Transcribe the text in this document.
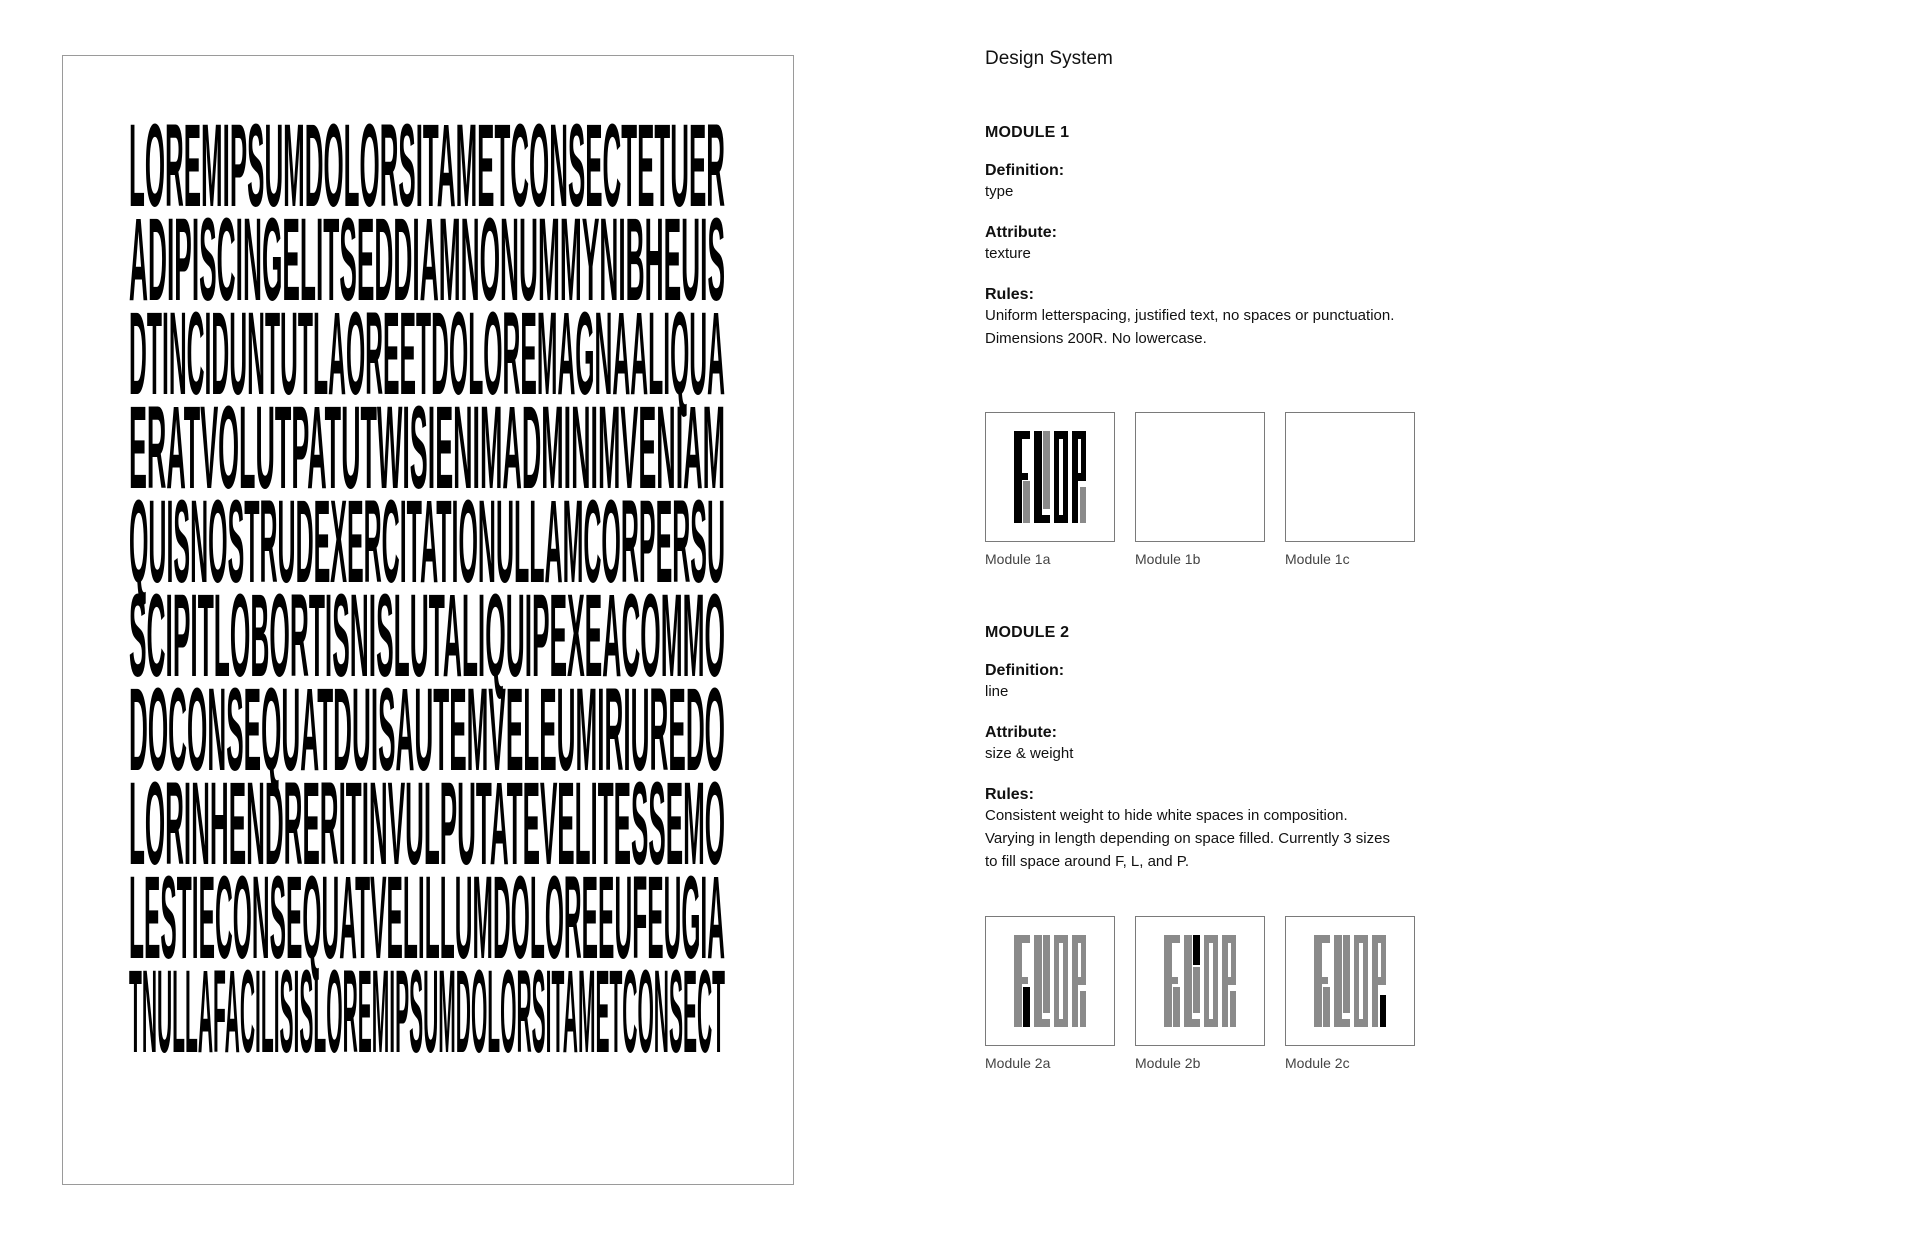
LOREMIPSUMDOLORSITAMETCONSECTETUER
ADIPISCINGELITSEDDIAMNONUMMYNIBHEUIS
DTINCIDUNTUTLAOREETDOLOREMAGNAALIQUA
ERATVOLUTPATUTWISIENIMADMINIMVENIAM
QUISNOSTRUDEXERCITATIONULLAMCORPERSU
SCIPITLOBORTISNISLUTALIQUIPEXEACOMMO
DOCONSEQUATDUISAUTEMVELEUMIRIUREDO
LORINHENDRERITINVULPUTATEVELITESSEMO
LESTIECONSEQUATVELILLUMDOLOREEUFEUGIA
TNULLAFACILISISLOREMIPSUMDOLORSITAMETCONSECT
Design System

MODULE 1

Definition:

type

Attribute:

texture

Rules:

Uniform letterspacing, justified text, no spaces or punctuation.

Dimensions 200R. No lowercase.

Module 1a	Module 1b	Module 1c

MODULE 2

Definition:

line

Attribute:

size & weight

Rules:

Consistent weight to hide white spaces in composition.

Varying in length depending on space filled. Currently 3 sizes

to fill space around F, L, and P.

Module 2a	Module 2b	Module 2c
